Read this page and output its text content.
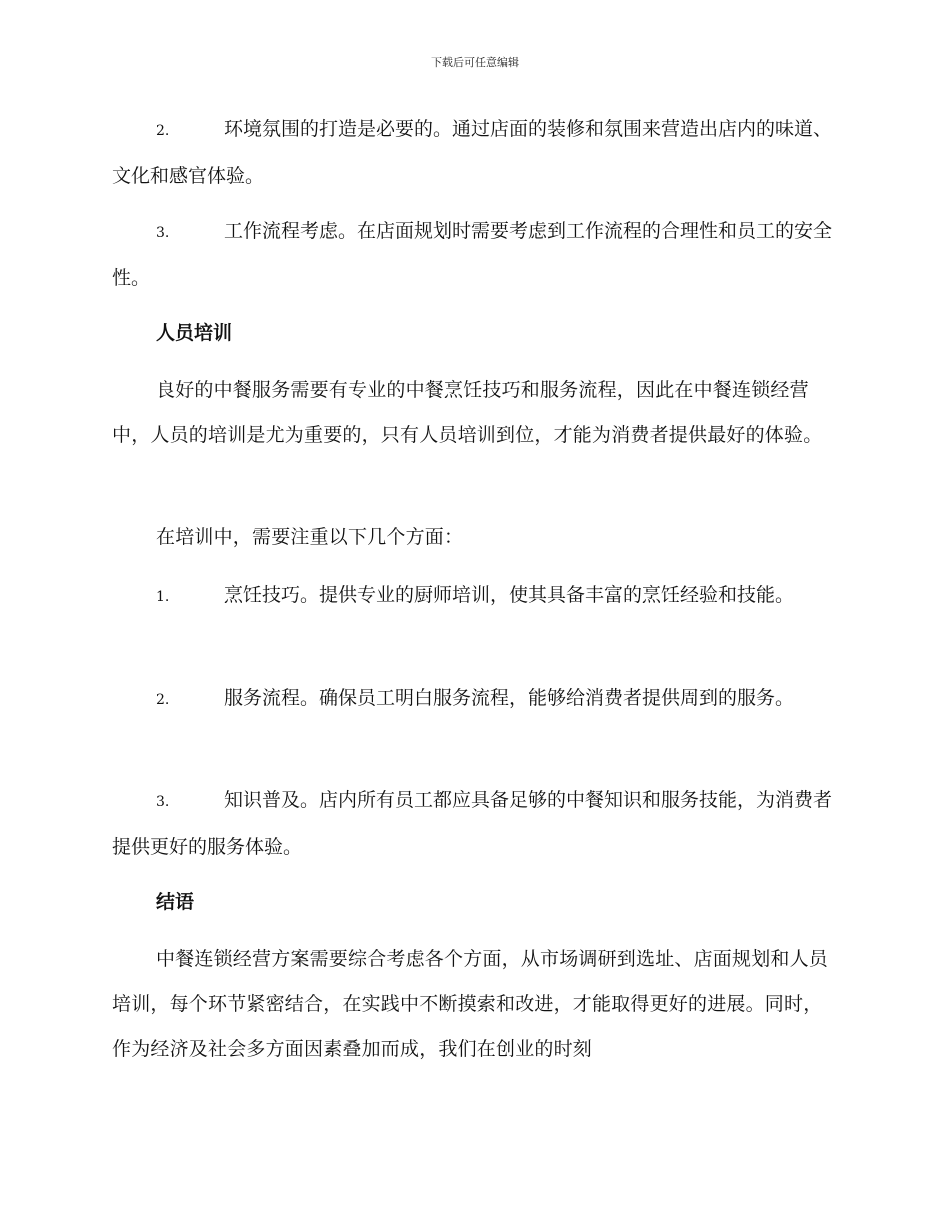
下载后可任意编辑
2.	环境氛围的打造是必要的。通过店面的装修和氛围来营造出店内的味道、文化和感官体验。
3.	工作流程考虑。在店面规划时需要考虑到工作流程的合理性和员工的安全性。
人员培训
良好的中餐服务需要有专业的中餐烹饪技巧和服务流程，因此在中餐连锁经营中，人员的培训是尤为重要的，只有人员培训到位，才能为消费者提供最好的体验。
在培训中，需要注重以下几个方面：
1.	烹饪技巧。提供专业的厨师培训，使其具备丰富的烹饪经验和技能。
2.	服务流程。确保员工明白服务流程，能够给消费者提供周到的服务。
3.	知识普及。店内所有员工都应具备足够的中餐知识和服务技能，为消费者提供更好的服务体验。
结语
中餐连锁经营方案需要综合考虑各个方面，从市场调研到选址、店面规划和人员培训，每个环节紧密结合，在实践中不断摸索和改进，才能取得更好的进展。同时，作为经济及社会多方面因素叠加而成，我们在创业的时刻
